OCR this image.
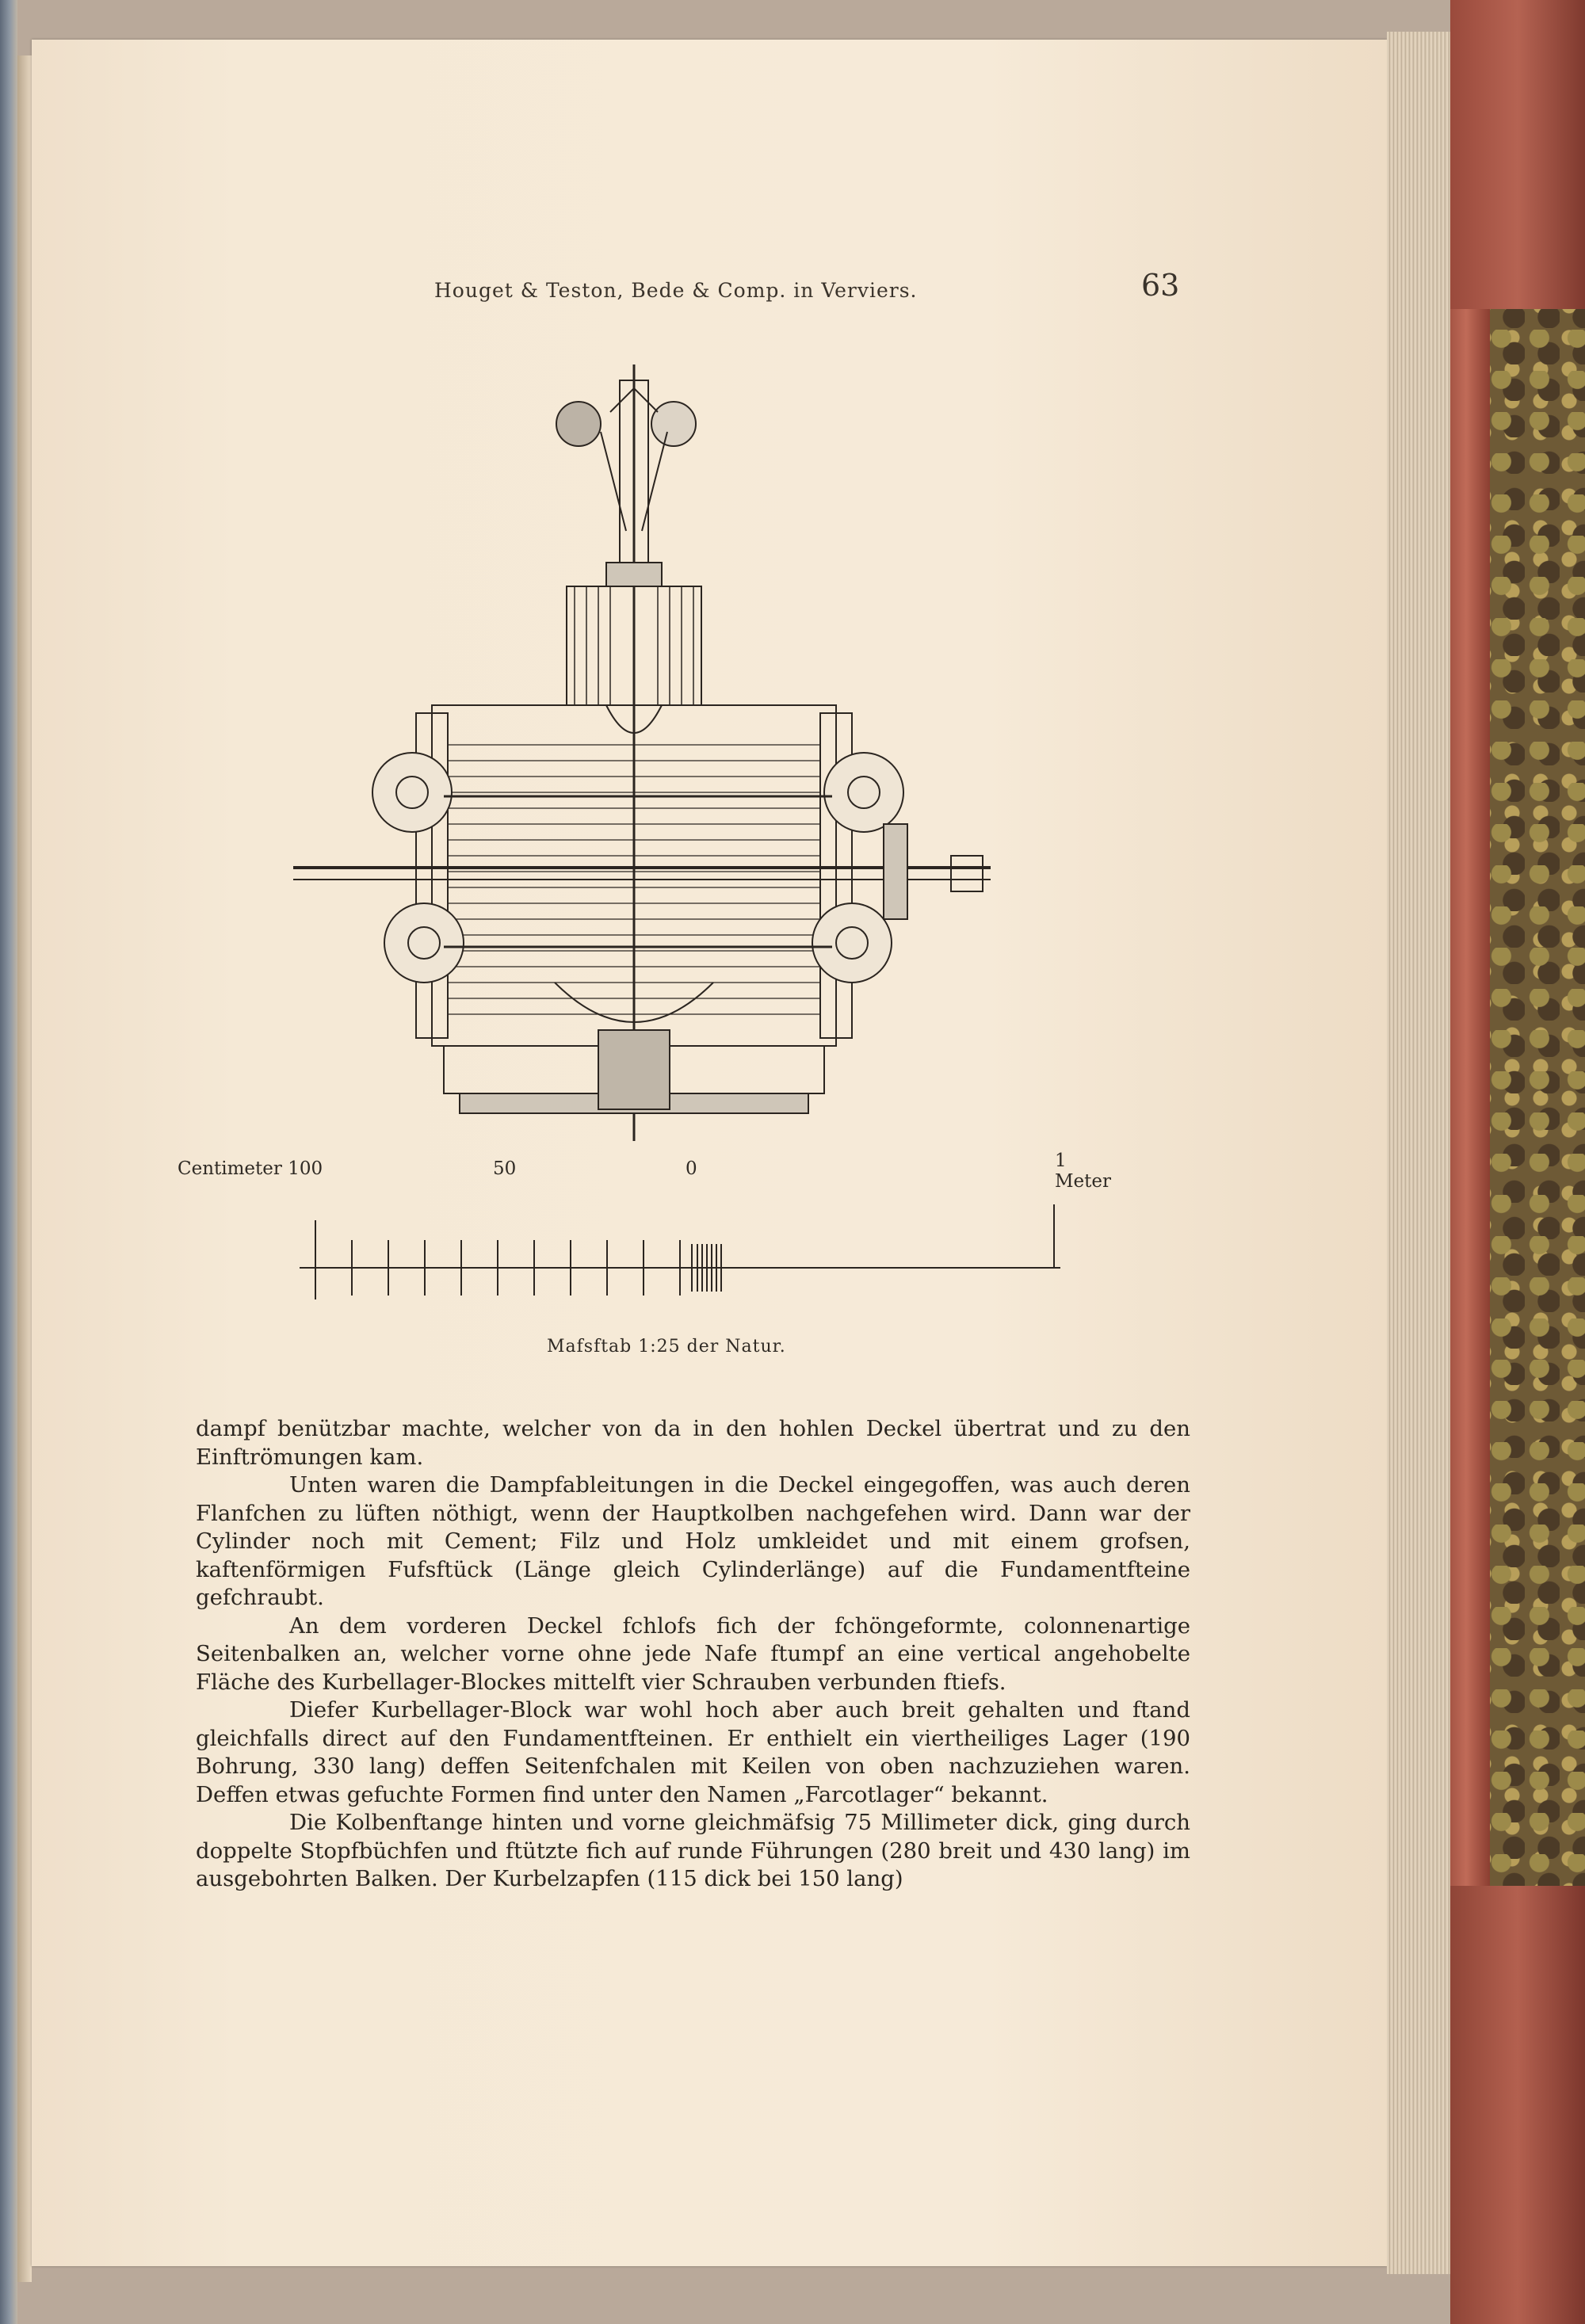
Houget & Teston, Bede & Comp. in Verviers.	63
Centimeter 100	50	0	1 Meter
Mafsftab 1:25 der Natur.

dampf benützbar machte, welcher von da in den hohlen Deckel übertrat und zu den Einftrömungen kam.

Unten waren die Dampfableitungen in die Deckel eingegoffen, was auch deren Flanfchen zu lüften nöthigt, wenn der Hauptkolben nachgefehen wird. Dann war der Cylinder noch mit Cement; Filz und Holz umkleidet und mit einem grofsen, kaftenförmigen Fufsftück (Länge gleich Cylinderlänge) auf die Fundamentfteine gefchraubt.

An dem vorderen Deckel fchlofs fich der fchöngeformte, colonnenartige Seitenbalken an, welcher vorne ohne jede Nafe ftumpf an eine vertical angehobelte Fläche des Kurbellager-Blockes mittelft vier Schrauben verbunden ftiefs.

Diefer Kurbellager-Block war wohl hoch aber auch breit gehalten und ftand gleichfalls direct auf den Fundamentfteinen. Er enthielt ein viertheiliges Lager (190 Bohrung, 330 lang) deffen Seitenfchalen mit Keilen von oben nachzuziehen waren. Deffen etwas gefuchte Formen find unter den Namen „Farcotlager“ bekannt.

Die Kolbenftange hinten und vorne gleichmäfsig 75 Millimeter dick, ging durch doppelte Stopfbüchfen und ftützte fich auf runde Führungen (280 breit und 430 lang) im ausgebohrten Balken. Der Kurbelzapfen (115 dick bei 150 lang)
